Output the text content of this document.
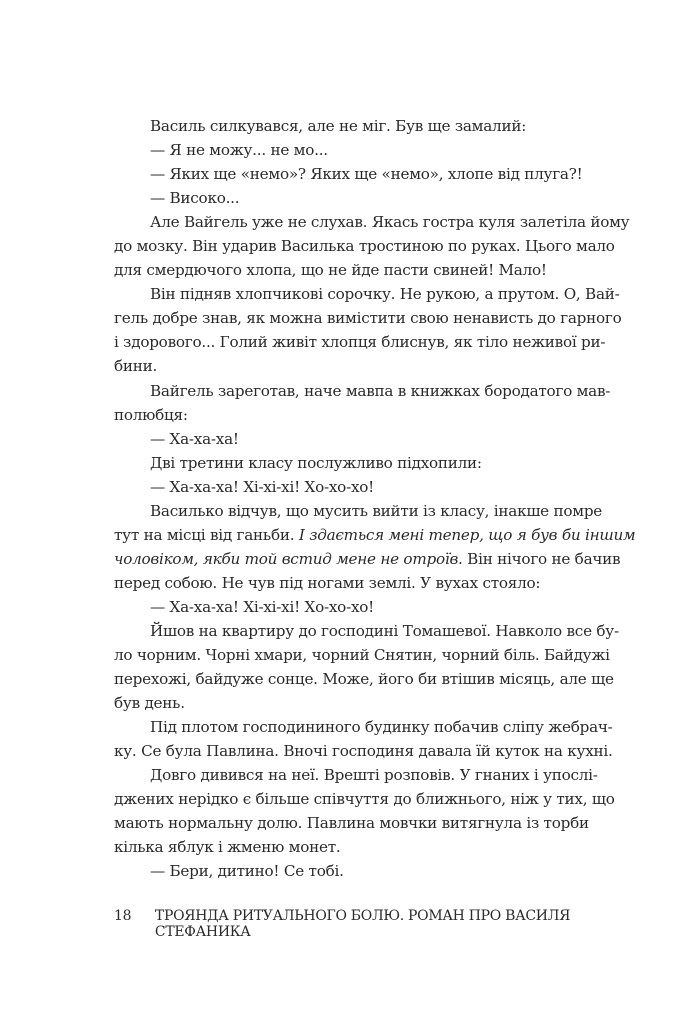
Василь силкувався, але не міг. Був ще замалий:
— Я не можу... не мо...
— Яких ще «немо»? Яких ще «немо», хлопе від плуга?!
— Високо...
Але Вайгель уже не слухав. Якась гостра куля залетіла йому
до мозку. Він ударив Василька тростиною по руках. Цього мало
для смердючого хлопа, що не йде пасти свиней! Мало!
Він підняв хлопчикові сорочку. Не рукою, а прутом. О, Вай-
гель добре знав, як можна вимістити свою ненависть до гарного
і здорового... Голий живіт хлопця блиснув, як тіло неживої ри-
бини.
Вайгель зареготав, наче мавпа в книжках бородатого мав-
полюбця:
— Ха-ха-ха!
Дві третини класу послужливо підхопили:
— Ха-ха-ха! Хі-хі-хі! Хо-хо-хо!
Василько відчув, що мусить вийти із класу, інакше помре
тут на місці від ганьби. І здається мені тепер, що я був би іншим
чоловіком, якби той встид мене не отроїв. Він нічого не бачив
перед собою. Не чув під ногами землі. У вухах стояло:
— Ха-ха-ха! Хі-хі-хі! Хо-хо-хо!
Йшов на квартиру до господині Томашевої. Навколо все бу-
ло чорним. Чорні хмари, чорний Снятин, чорний біль. Байдужі
перехожі, байдуже сонце. Може, його би втішив місяць, але ще
був день.
Під плотом господининого будинку побачив сліпу жебрач-
ку. Се була Павлина. Вночі господиня давала їй куток на кухні.
Довго дивився на неї. Врешті розповів. У гнаних і упослі-
джених нерідко є більше співчуття до ближнього, ніж у тих, що
мають нормальну долю. Павлина мовчки витягнула із торби
кілька яблук і жменю монет.
— Бери, дитино! Се тобі.
18	ТРОЯНДА РИТУАЛЬНОГО БОЛЮ. РОМАН ПРО ВАСИЛЯ СТЕФАНИКА
